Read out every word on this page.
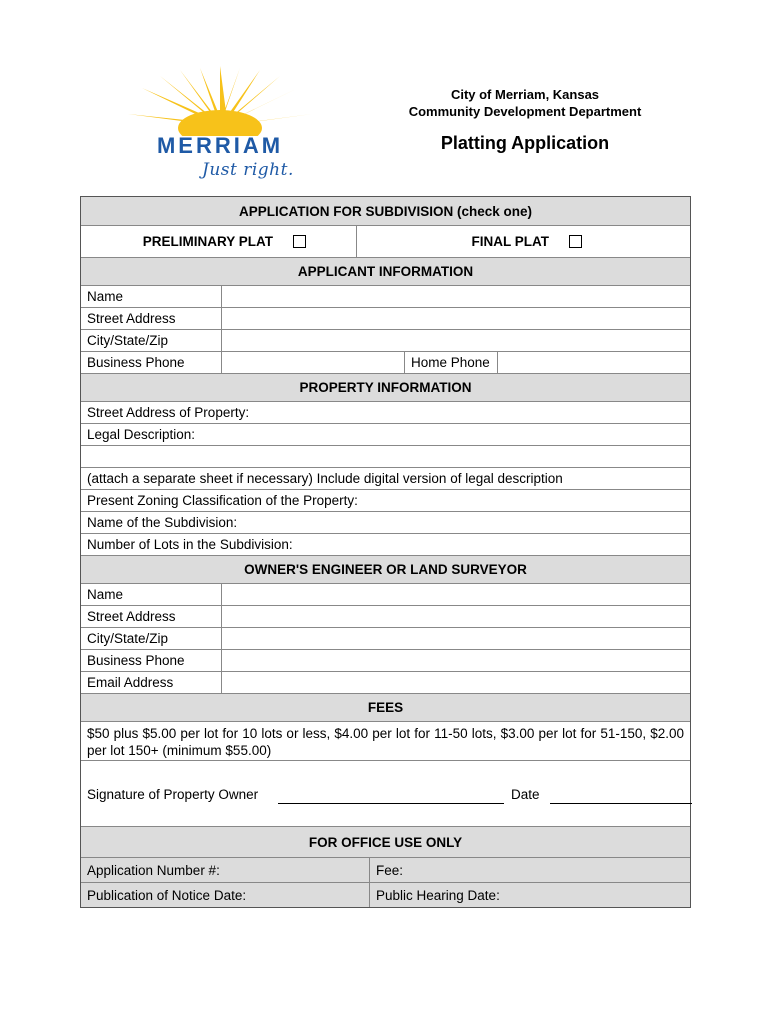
MERRIAM
Just right.
City of Merriam, Kansas
Community Development Department
Platting Application
APPLICATION FOR SUBDIVISION (check one)
PRELIMINARY PLAT	FINAL PLAT
APPLICANT INFORMATION
Name
Street Address
City/State/Zip
Business Phone	Home Phone
PROPERTY INFORMATION
Street Address of Property:
Legal Description:
(attach a separate sheet if necessary) Include digital version of legal description
Present Zoning Classification of the Property:
Name of the Subdivision:
Number of Lots in the Subdivision:
OWNER'S ENGINEER OR LAND SURVEYOR
Name
Street Address
City/State/Zip
Business Phone
Email Address
FEES
$50 plus $5.00 per lot for 10 lots or less, $4.00 per lot for 11-50 lots, $3.00 per lot for 51-150, $2.00 per lot 150+ (minimum $55.00)
Signature of Property Owner	Date
FOR OFFICE USE ONLY
Application Number #:	Fee:
Publication of Notice Date:	Public Hearing Date:
